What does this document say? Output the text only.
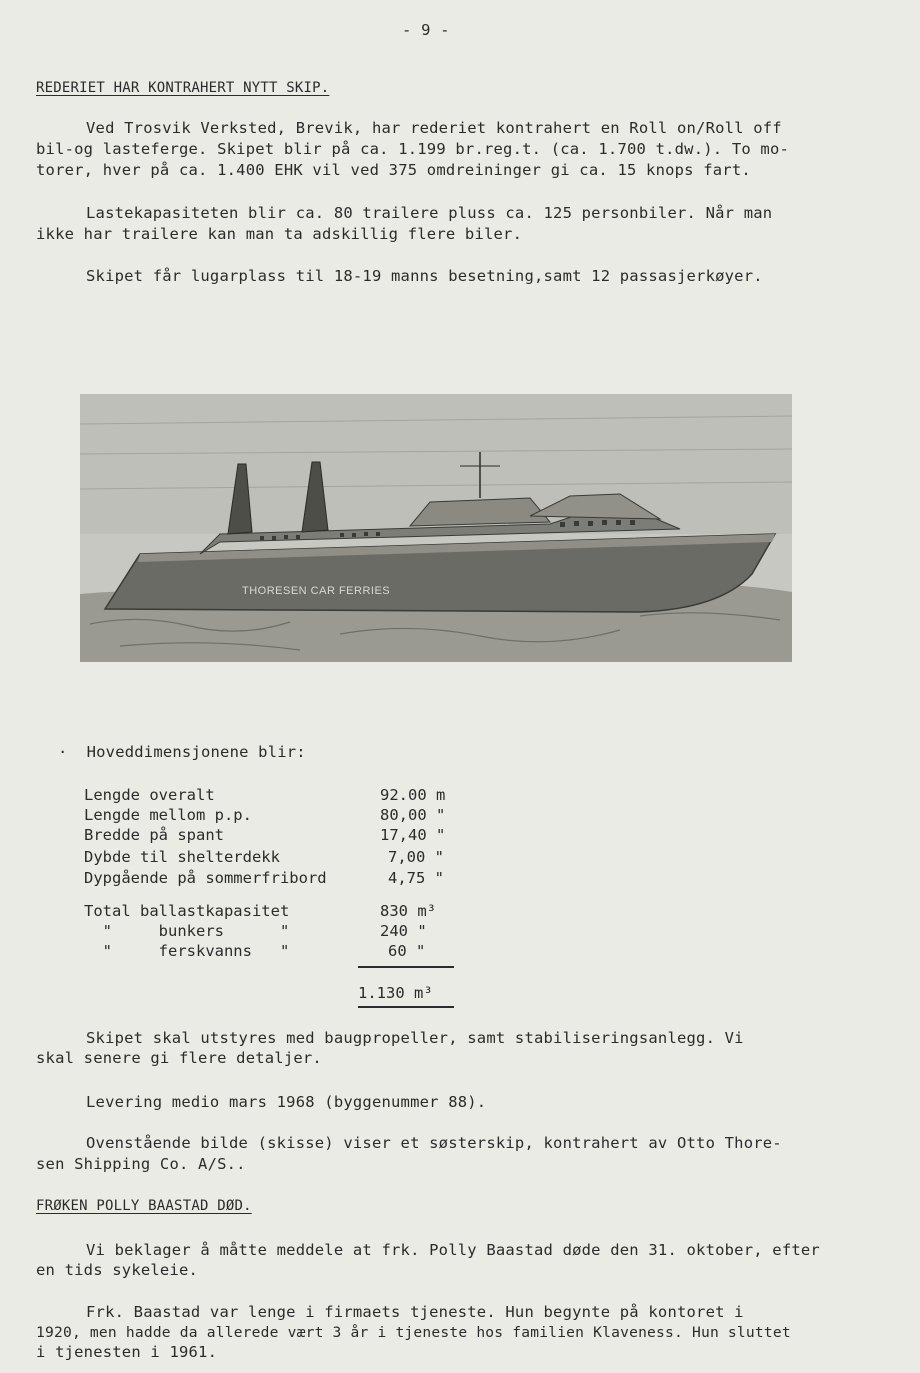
- 9 -
REDERIET HAR KONTRAHERT NYTT SKIP.
Ved Trosvik Verksted, Brevik, har rederiet kontrahert en Roll on/Roll off
bil-og lasteferge. Skipet blir på ca. 1.199 br.reg.t. (ca. 1.700 t.dw.). To mo-
torer, hver på ca. 1.400 EHK vil ved 375 omdreininger gi ca. 15 knops fart.
Lastekapasiteten blir ca. 80 trailere pluss ca. 125 personbiler. Når man
ikke har trailere kan man ta adskillig flere biler.
Skipet får lugarplass til 18-19 manns besetning,samt 12 passasjerkøyer.
THORESEN CAR FERRIES
·  Hoveddimensjonene blir:
Lengde overalt	92.00 m
Lengde mellom p.p.	80,00 "
Bredde på spant	17,40 "
Dybde til shelterdekk	7,00 "
Dypgående på sommerfribord	4,75 "
Total ballastkapasitet	830 m³
"     bunkers      "	240 "
"     ferskvanns   "	60 "
1.130 m³
Skipet skal utstyres med baugpropeller, samt stabiliseringsanlegg. Vi
skal senere gi flere detaljer.
Levering medio mars 1968 (byggenummer 88).
Ovenstående bilde (skisse) viser et søsterskip, kontrahert av Otto Thore-
sen Shipping Co. A/S..
FRØKEN POLLY BAASTAD DØD.
Vi beklager å måtte meddele at frk. Polly Baastad døde den 31. oktober, efter
en tids sykeleie.
Frk. Baastad var lenge i firmaets tjeneste. Hun begynte på kontoret i
1920, men hadde da allerede vært 3 år i tjeneste hos familien Klaveness. Hun sluttet
i tjenesten i 1961.
